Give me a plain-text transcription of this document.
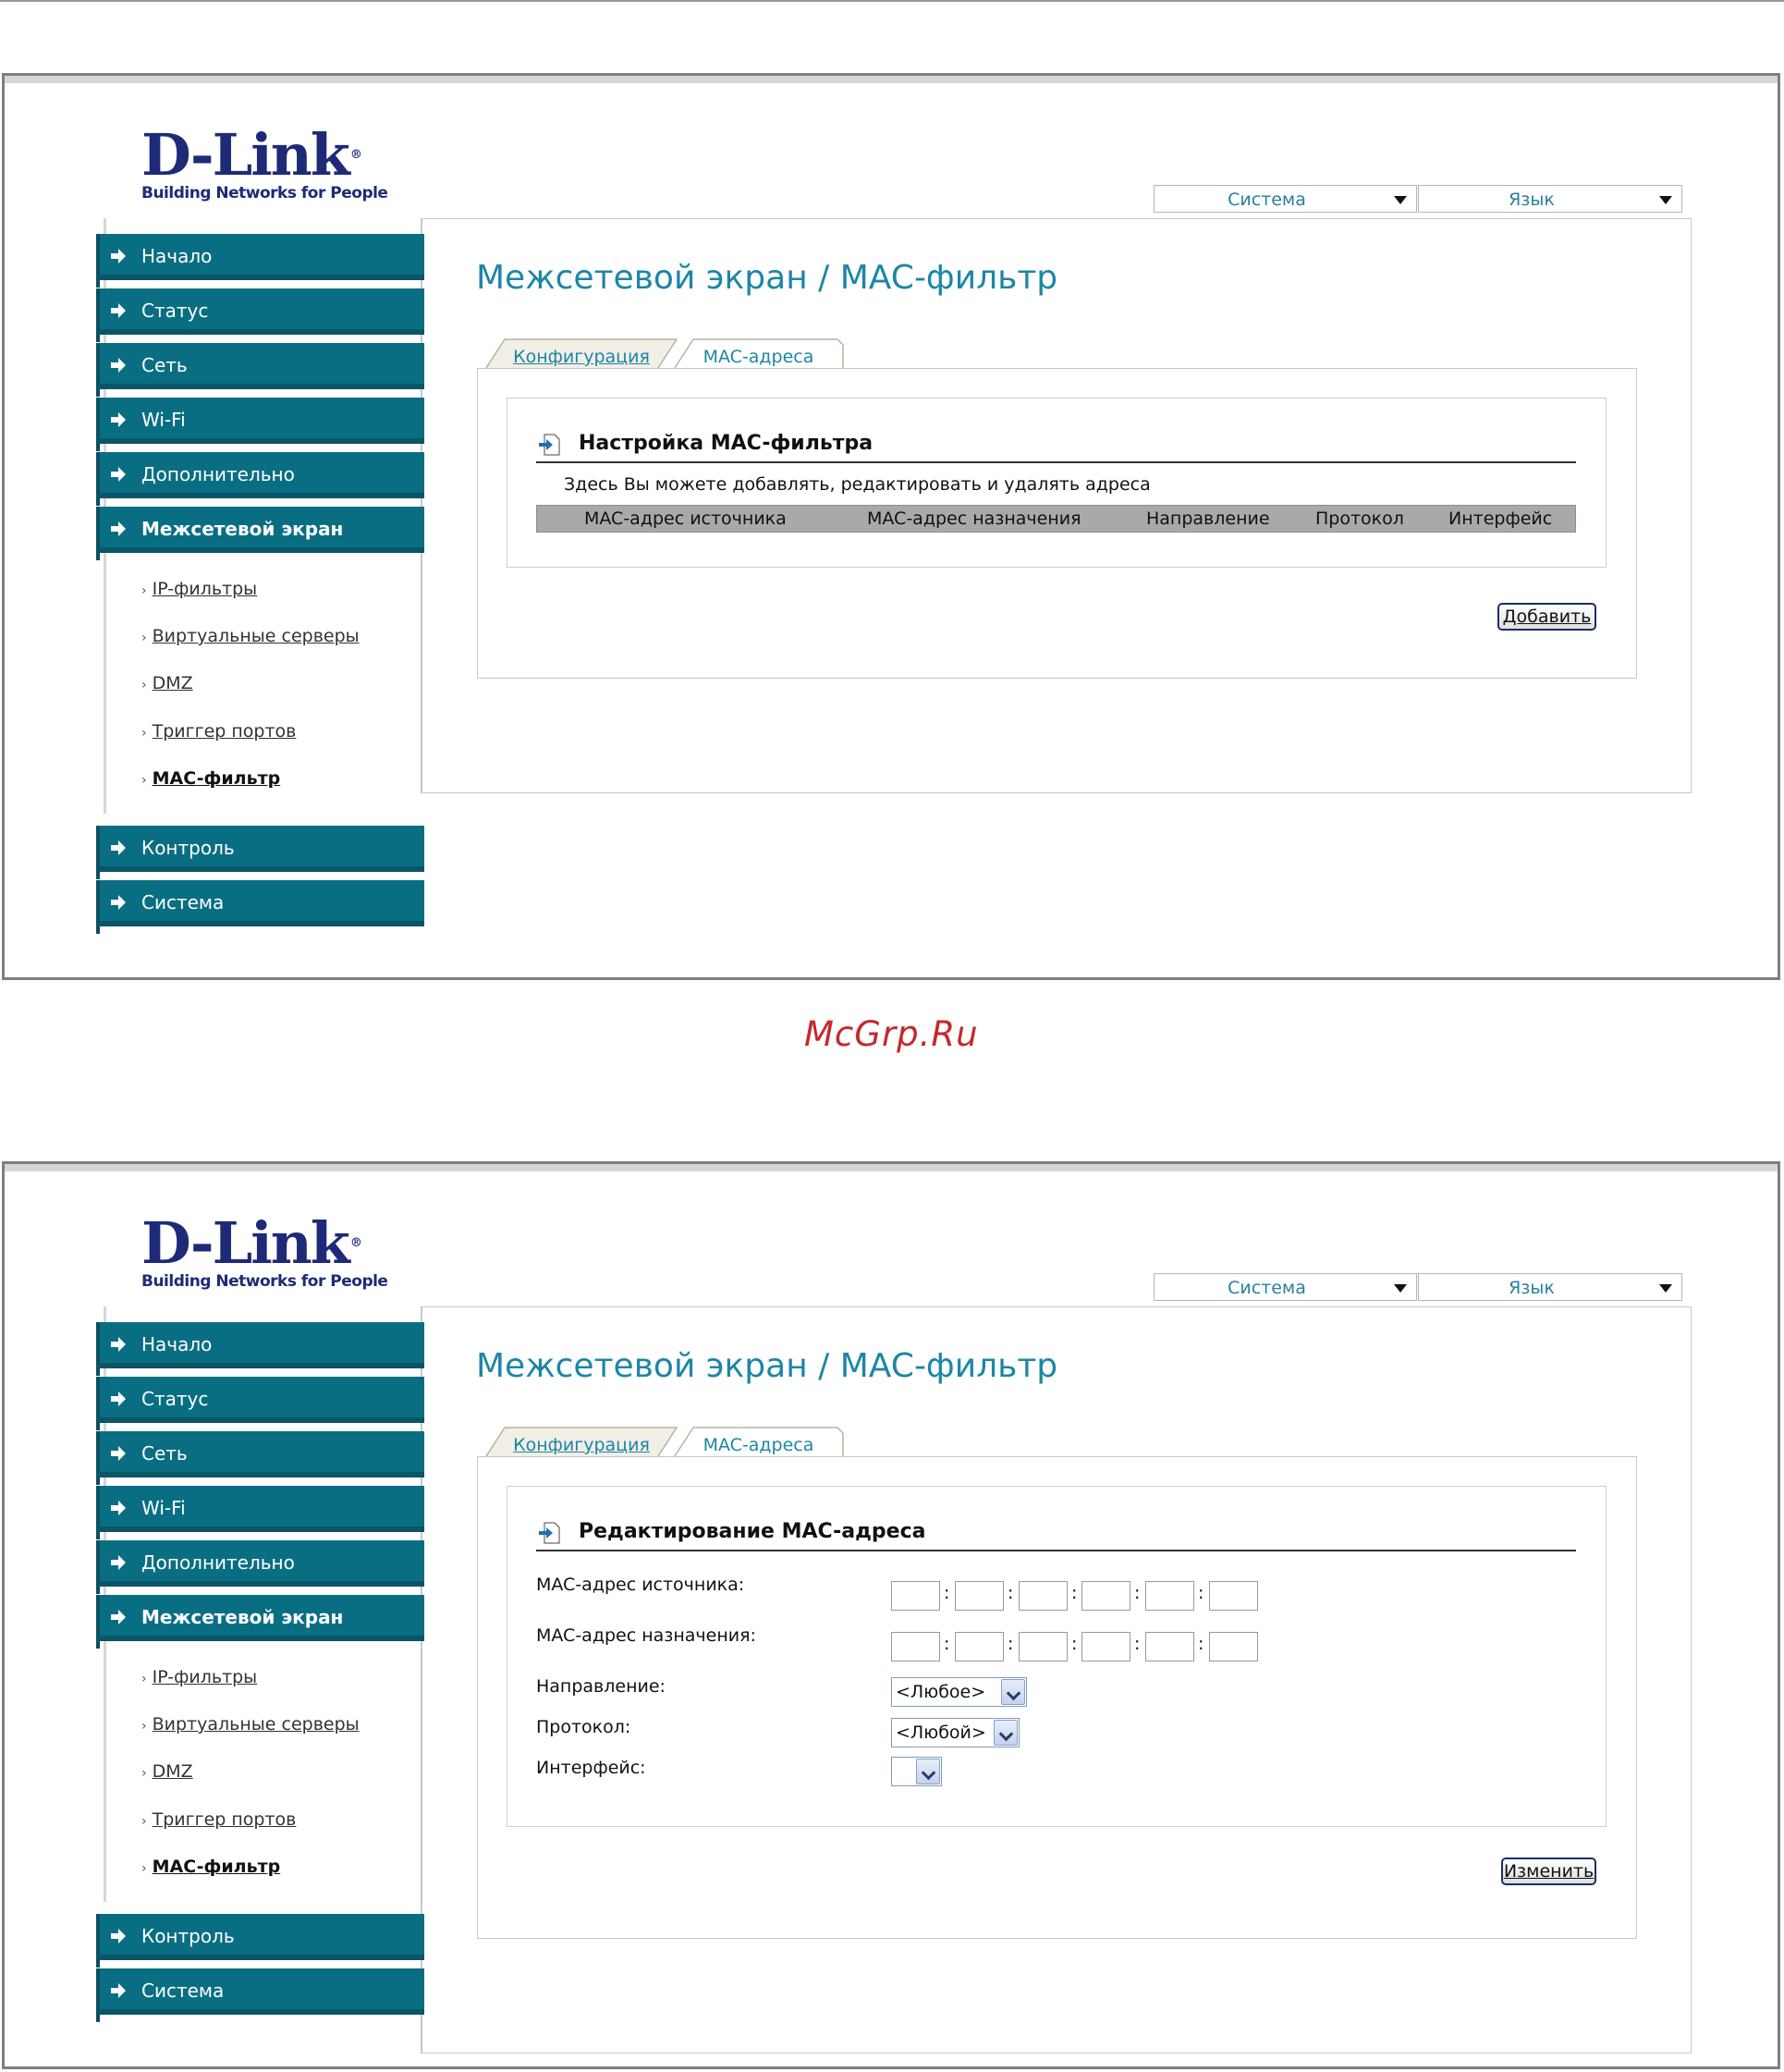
D-Link ®
Building Networks for People	Система	Язык
Начало
Статус
Сеть
Wi-Fi
Дополнительно
Межсетевой экран
› IP-фильтры
› Виртуальные серверы
› DMZ
› Триггер портов
› MAC-фильтр
Контроль
Система
Межсетевой экран / MAC-фильтр
Конфигурация	MAC-адреса
Настройка MAC-фильтра
Здесь Вы можете добавлять, редактировать и удалять адреса
MAC-адрес источника	MAC-адрес назначения	Направление	Протокол	Интерфейс
Добавить
McGrp.Ru
D-Link ®
Building Networks for People	Система	Язык
Начало
Статус
Сеть
Wi-Fi
Дополнительно
Межсетевой экран
› IP-фильтры
› Виртуальные серверы
› DMZ
› Триггер портов
› MAC-фильтр
Контроль
Система
Межсетевой экран / MAC-фильтр
Конфигурация	MAC-адреса
Редактирование MAC-адреса
MAC-адрес источника:	:	:	:	:	:
MAC-адрес назначения:	:	:	:	:	:
Направление:	<Любое>
Протокол:	<Любой>
Интерфейс:
Изменить
